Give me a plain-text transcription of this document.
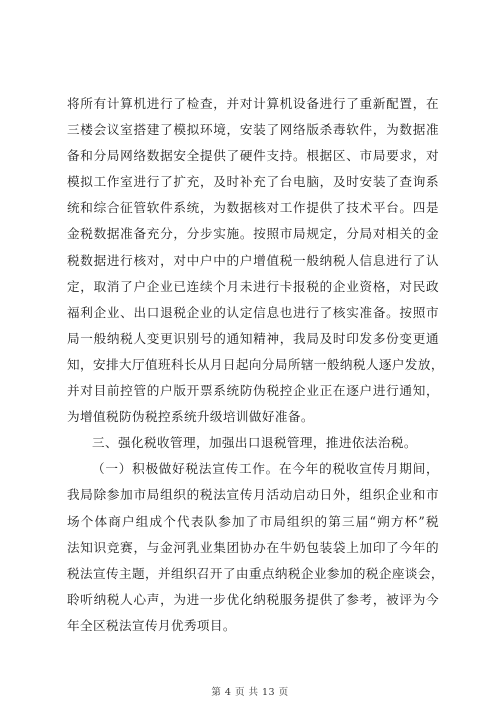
将所有计算机进行了检查，并对计算机设备进行了重新配置，在
三楼会议室搭建了模拟环境，安装了网络版杀毒软件，为数据准
备和分局网络数据安全提供了硬件支持。根据区、市局要求，对
模拟工作室进行了扩充，及时补充了台电脑，及时安装了查询系
统和综合征管软件系统，为数据核对工作提供了技术平台。四是
金税数据准备充分，分步实施。按照市局规定，分局对相关的金
税数据进行核对，对中户中的户增值税一般纳税人信息进行了认
定，取消了户企业已连续个月未进行卡报税的企业资格，对民政
福利企业、出口退税企业的认定信息也进行了核实准备。按照市
局一般纳税人变更识别号的通知精神，我局及时印发多份变更通
知，安排大厅值班科长从月日起向分局所辖一般纳税人逐户发放，
并对目前控管的户版开票系统防伪税控企业正在逐户进行通知，
为增值税防伪税控系统升级培训做好准备。
三、强化税收管理，加强出口退税管理，推进依法治税。
（一）积极做好税法宣传工作。在今年的税收宣传月期间，
我局除参加市局组织的税法宣传月活动启动日外，组织企业和市
场个体商户组成个代表队参加了市局组织的第三届“朔方杯”税
法知识竞赛，与金河乳业集团协办在牛奶包装袋上加印了今年的
税法宣传主题，并组织召开了由重点纳税企业参加的税企座谈会，
聆听纳税人心声，为进一步优化纳税服务提供了参考，被评为今
年全区税法宣传月优秀项目。
第 4 页 共 13 页
